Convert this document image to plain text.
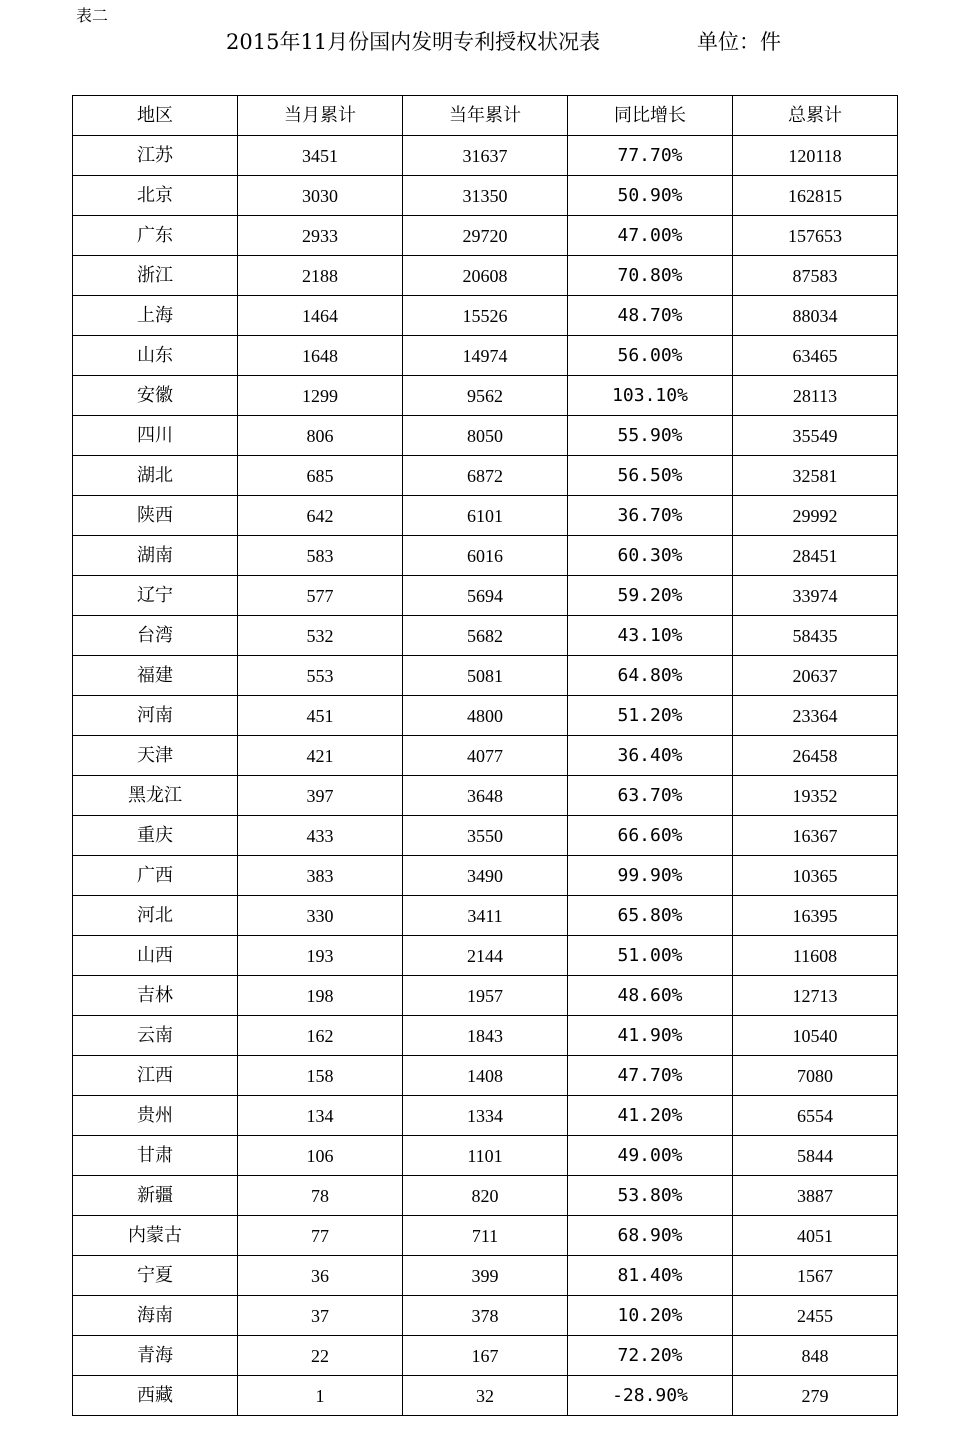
表二
2015年11月份国内发明专利授权状况表	单位：件
地区	当月累计	当年累计	同比增长	总累计
江苏	3451	31637	77.70%	120118
北京	3030	31350	50.90%	162815
广东	2933	29720	47.00%	157653
浙江	2188	20608	70.80%	87583
上海	1464	15526	48.70%	88034
山东	1648	14974	56.00%	63465
安徽	1299	9562	103.10%	28113
四川	806	8050	55.90%	35549
湖北	685	6872	56.50%	32581
陕西	642	6101	36.70%	29992
湖南	583	6016	60.30%	28451
辽宁	577	5694	59.20%	33974
台湾	532	5682	43.10%	58435
福建	553	5081	64.80%	20637
河南	451	4800	51.20%	23364
天津	421	4077	36.40%	26458
黑龙江	397	3648	63.70%	19352
重庆	433	3550	66.60%	16367
广西	383	3490	99.90%	10365
河北	330	3411	65.80%	16395
山西	193	2144	51.00%	11608
吉林	198	1957	48.60%	12713
云南	162	1843	41.90%	10540
江西	158	1408	47.70%	7080
贵州	134	1334	41.20%	6554
甘肃	106	1101	49.00%	5844
新疆	78	820	53.80%	3887
内蒙古	77	711	68.90%	4051
宁夏	36	399	81.40%	1567
海南	37	378	10.20%	2455
青海	22	167	72.20%	848
西藏	1	32	-28.90%	279
